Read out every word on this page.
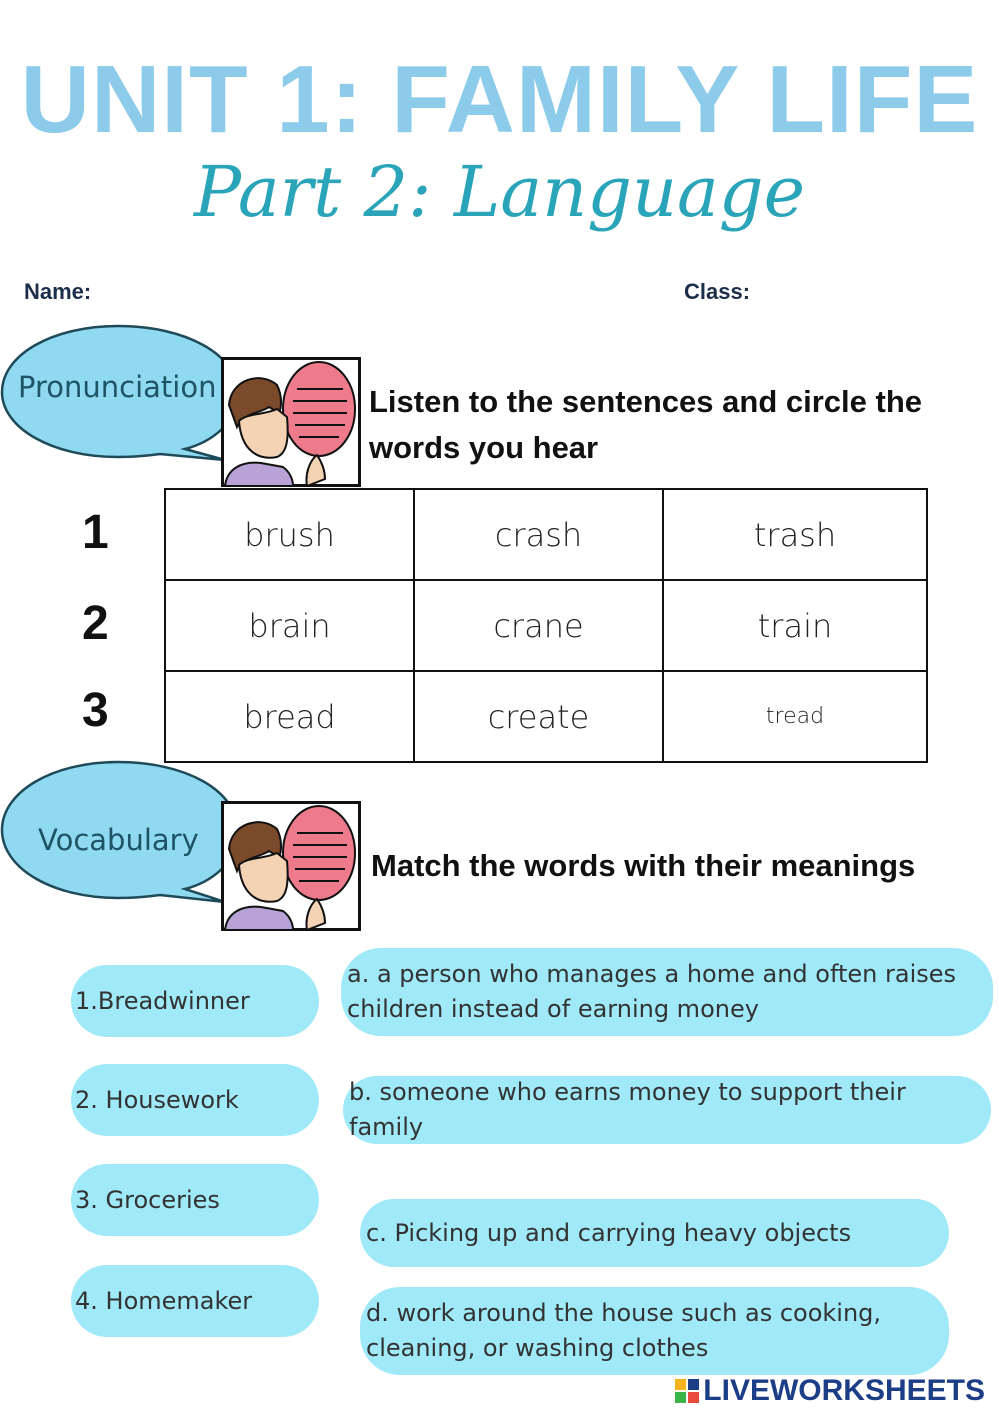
UNIT 1: FAMILY LIFE
Part 2: Language
Name:	Class:
Pronunciation	Listen to the sentences and circle the
words you hear
1
2
3
brush	crash	trash
brain	crane	train
bread	create	tread
Vocabulary
Match the words with their meanings
1.Breadwinner
2. Housework
3. Groceries
4. Homemaker
a. a person who manages a home and often raises
children instead of earning money
b. someone who earns money to support their family
c. Picking up and carrying heavy objects
d. work around the house such as cooking,
cleaning, or washing clothes
LIVEWORKSHEETS
